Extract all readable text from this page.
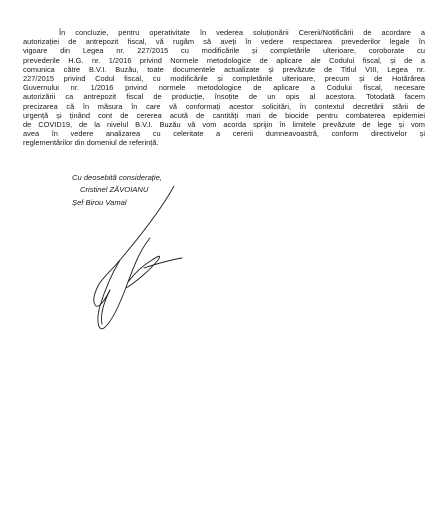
În concluzie, pentru operativitate în vederea soluționării Cererii/Notificării de acordare a
autorizației de antrepozit fiscal, vă rugăm să aveți în vedere respectarea prevederilor legale în
vigoare din Legea nr. 227/2015 cu modificările și completările ulterioare, coroborate cu
prevederile H.G. nr. 1/2016 privind Normele metodologice de aplicare ale Codului fiscal, și de a
comunica către B.V.I. Buzău, toate documentele actualizate și prevăzute de Titlul VIII, Legea nr.
227/2015 privind Codul fiscal, cu modificările și completările ulterioare, precum și de Hotărârea
Guvernului nr. 1/2016 privind normele metodologice de aplicare a Codului fiscal, necesare
autorizării ca antrepozit fiscal de producție, însoțite de un opis al acestora. Totodată facem
precizarea că în măsura în care vă conformați acestor solicitări, în contextul decretării stării de
urgență și ținând cont de cererea acută de cantități mari de biocide pentru combaterea epidemiei
de COVID19, de la nivelul B.V.I. Buzău vă vom acorda sprijin în limitele prevăzute de lege și vom
avea în vedere analizarea cu celeritate a cererii dumneavoastră, conform directivelor și
reglementărilor din domeniul de referință.
Cu deosebită considerație,
Cristinel ZĂVOIANU
Șef Birou Vamal
